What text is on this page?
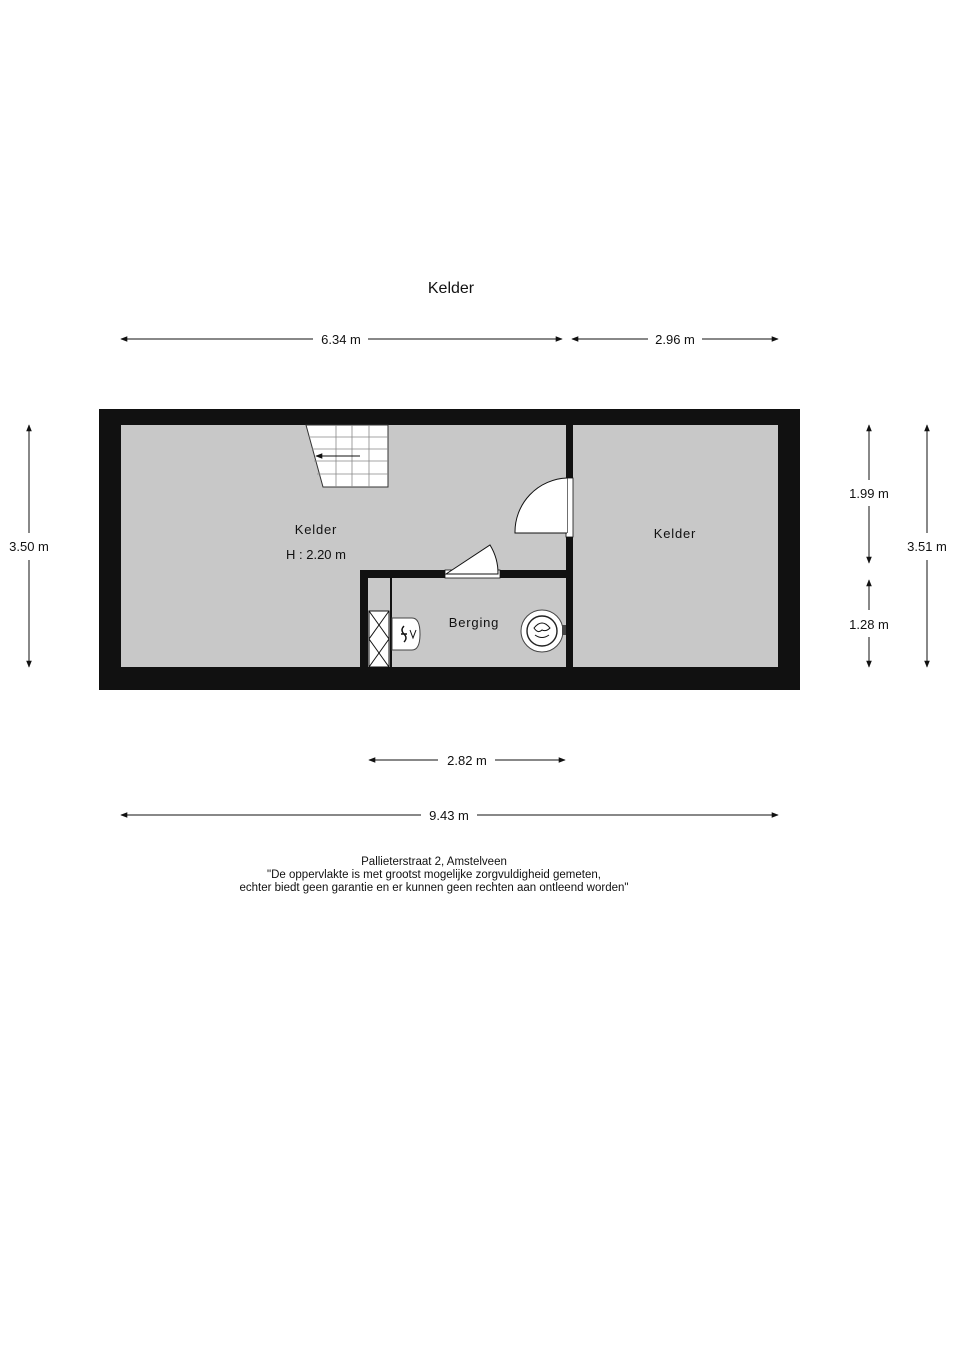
Kelder
6.34 m	2.96 m
3.50 m
1.99 m
1.28 m
3.51 m
Kelder
H : 2.20 m
Kelder
Berging
2.82 m
9.43 m
Pallieterstraat 2, Amstelveen
"De oppervlakte is met grootst mogelijke zorgvuldigheid gemeten,
echter biedt geen garantie en er kunnen geen rechten aan ontleend worden"
